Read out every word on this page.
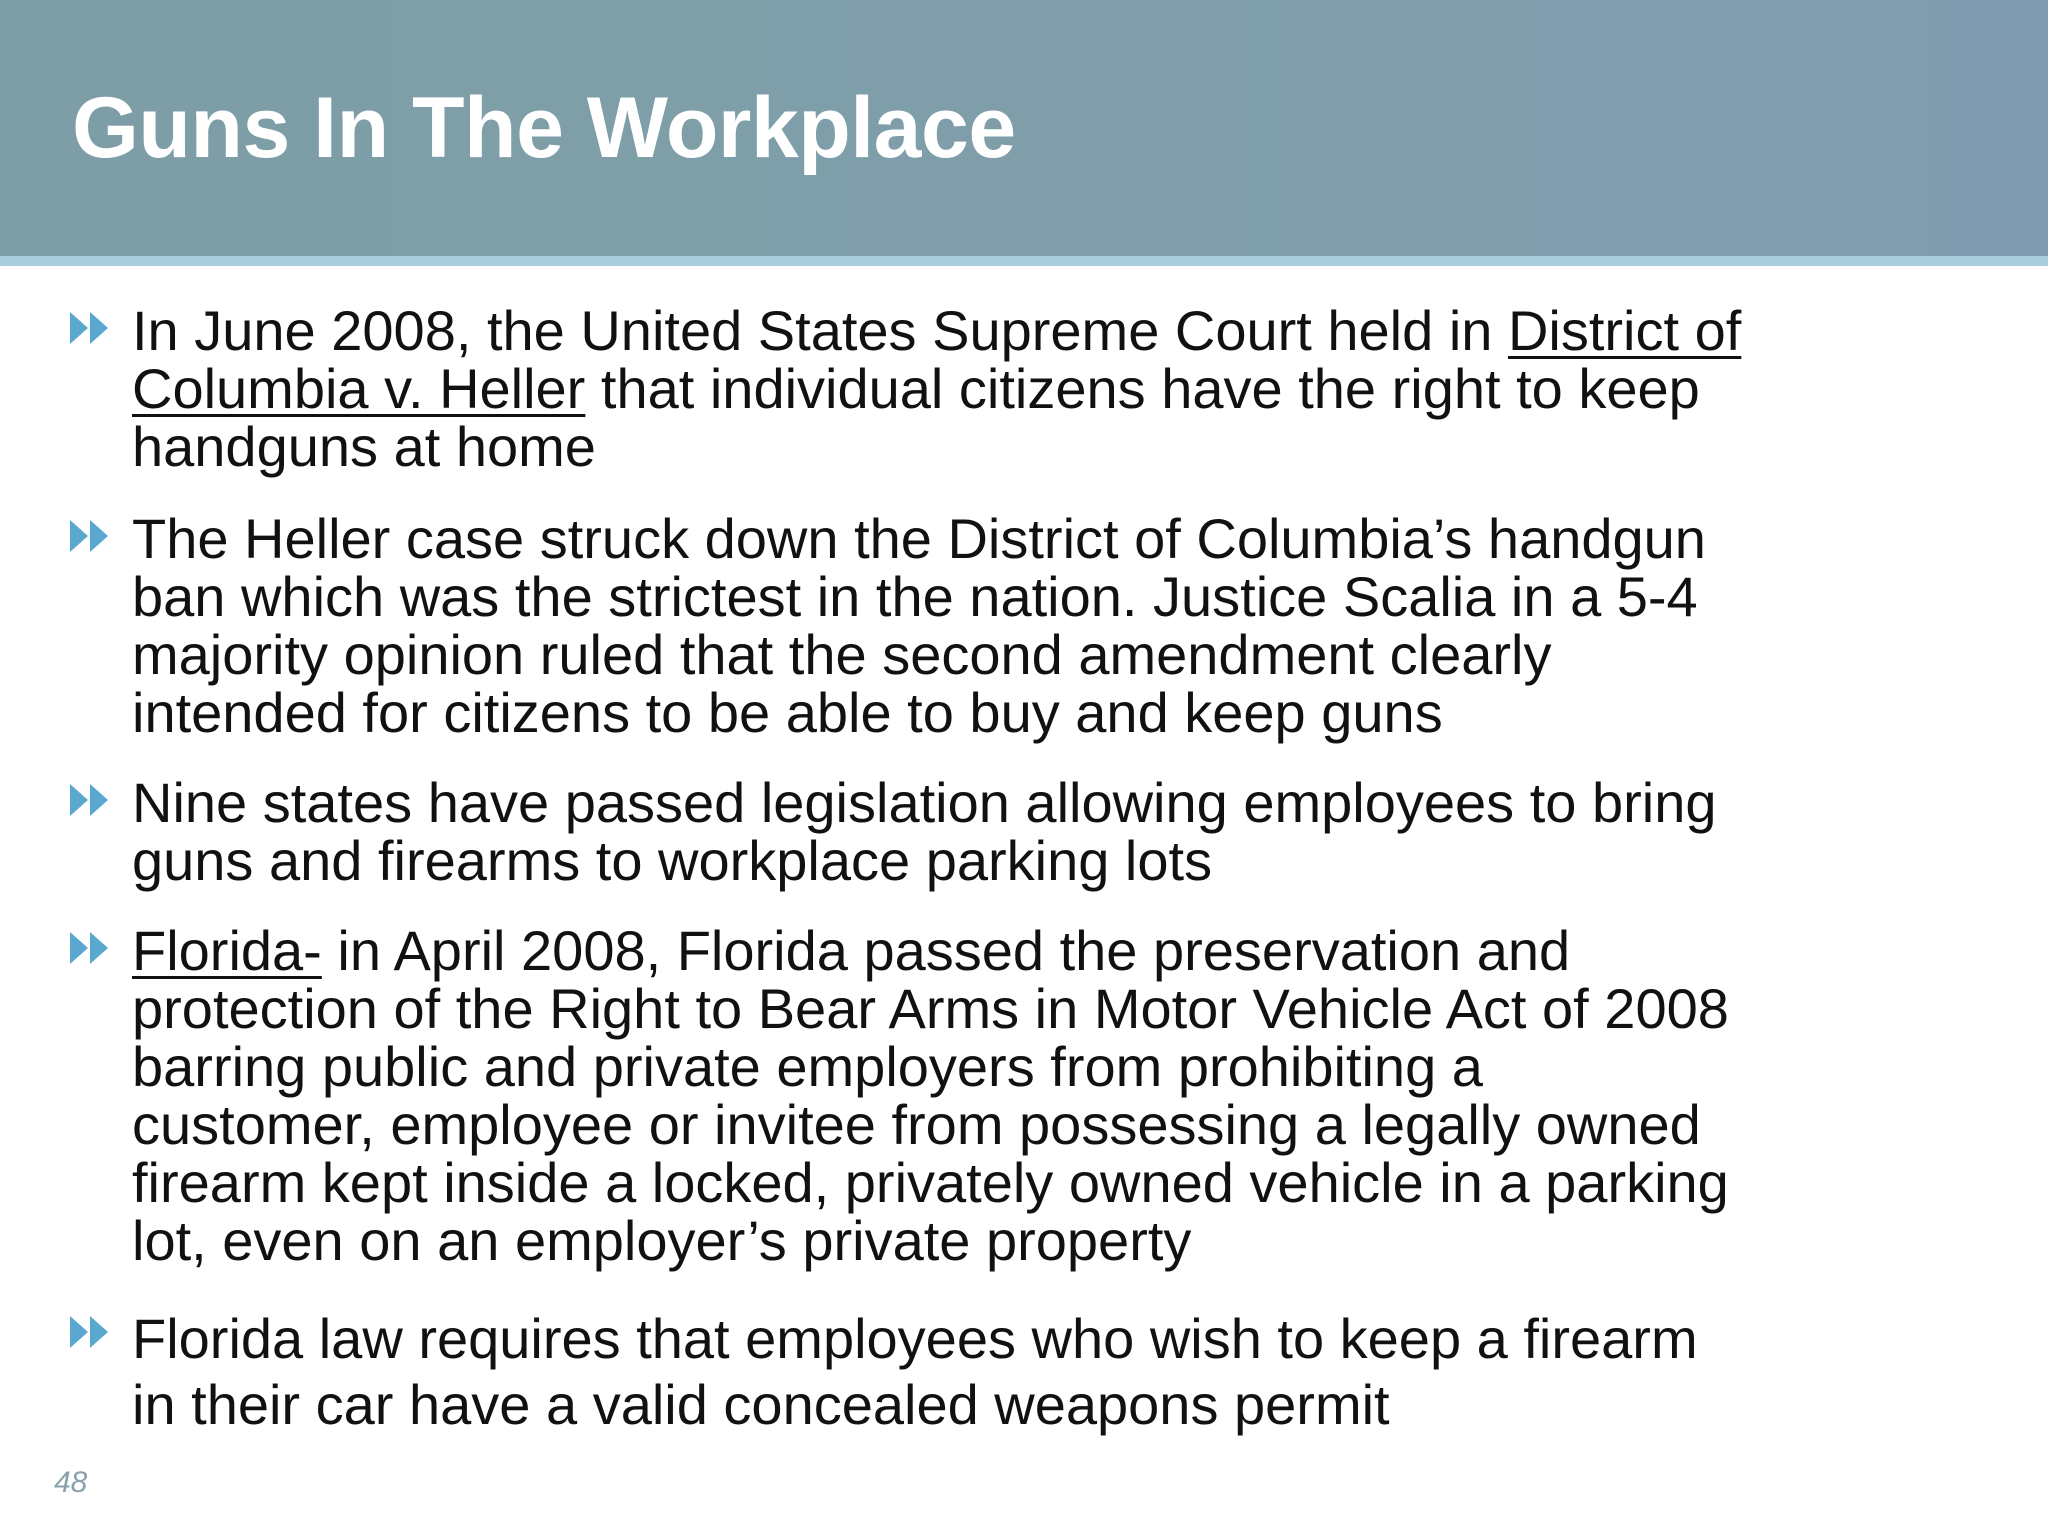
Guns In The Workplace
In June 2008, the United States Supreme Court held in District of
Columbia v. Heller that individual citizens have the right to keep
handguns at home
The Heller case struck down the District of Columbia’s handgun
ban which was the strictest in the nation. Justice Scalia in a 5-4
majority opinion ruled that the second amendment clearly
intended for citizens to be able to buy and keep guns
Nine states have passed legislation allowing employees to bring
guns and firearms to workplace parking lots
Florida- in April 2008, Florida passed the preservation and
protection of the Right to Bear Arms in Motor Vehicle Act of 2008
barring public and private employers from prohibiting a
customer, employee or invitee from possessing a legally owned
firearm kept inside a locked, privately owned vehicle in a parking
lot, even on an employer’s private property
Florida law requires that employees who wish to keep a firearm
in their car have a valid concealed weapons permit
48
